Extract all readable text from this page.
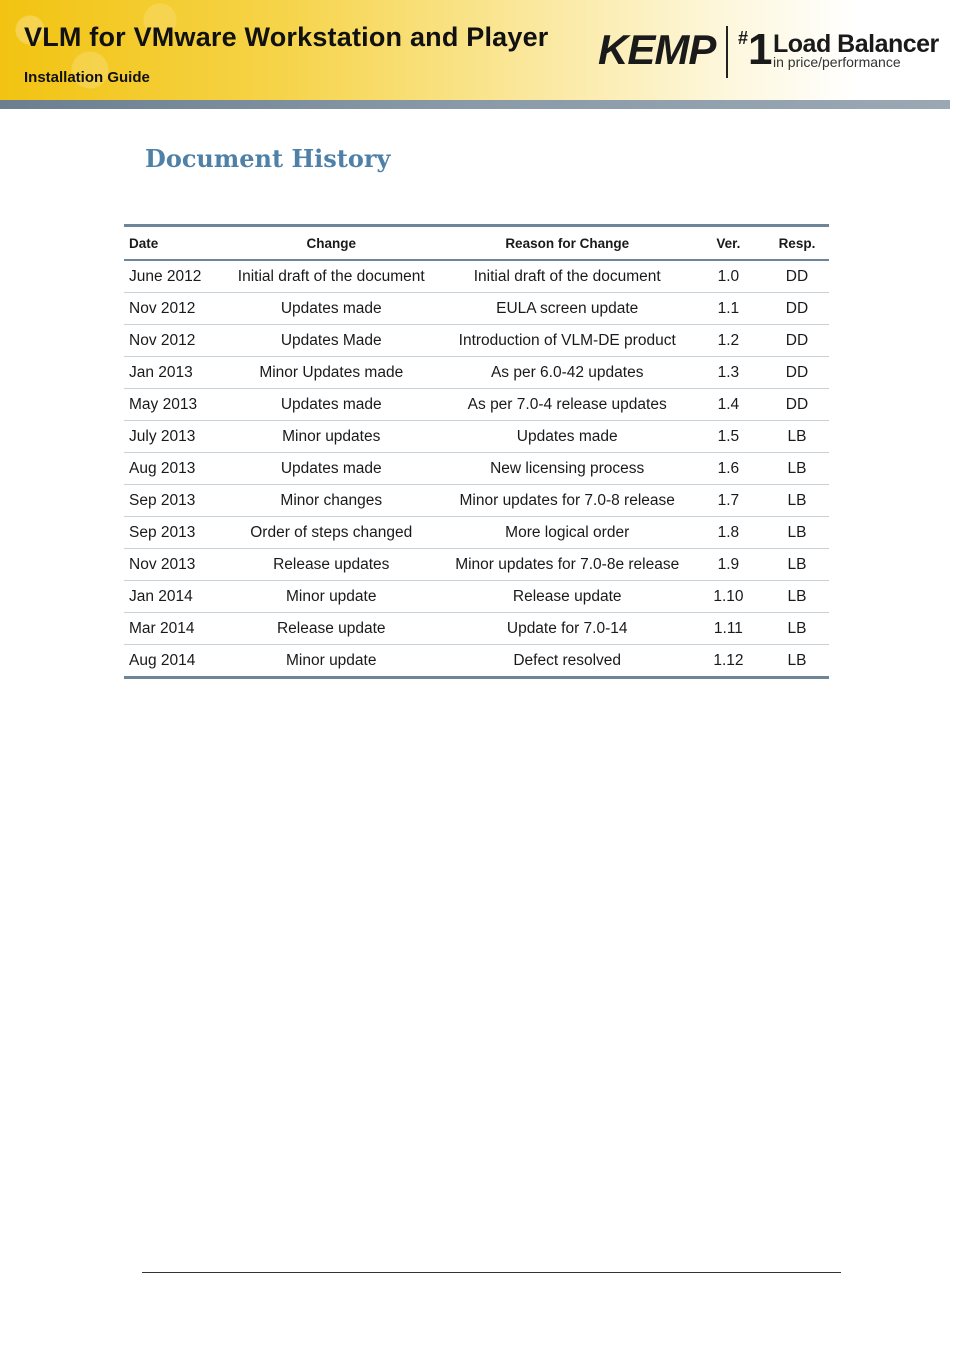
VLM for VMware Workstation and Player
Installation Guide
KEMP #1 Load Balancer
in price/performance
Document History
Date	Change	Reason for Change	Ver.	Resp.
June 2012	Initial draft of the document	Initial draft of the document	1.0	DD
Nov 2012	Updates made	EULA screen update	1.1	DD
Nov 2012	Updates Made	Introduction of VLM-DE product	1.2	DD
Jan 2013	Minor Updates made	As per 6.0-42 updates	1.3	DD
May 2013	Updates made	As per 7.0-4 release updates	1.4	DD
July 2013	Minor updates	Updates made	1.5	LB
Aug 2013	Updates made	New licensing process	1.6	LB
Sep 2013	Minor changes	Minor updates for 7.0-8 release	1.7	LB
Sep 2013	Order of steps changed	More logical order	1.8	LB
Nov 2013	Release updates	Minor updates for 7.0-8e release	1.9	LB
Jan 2014	Minor update	Release update	1.10	LB
Mar 2014	Release update	Update for 7.0-14	1.11	LB
Aug 2014	Minor update	Defect resolved	1.12	LB
